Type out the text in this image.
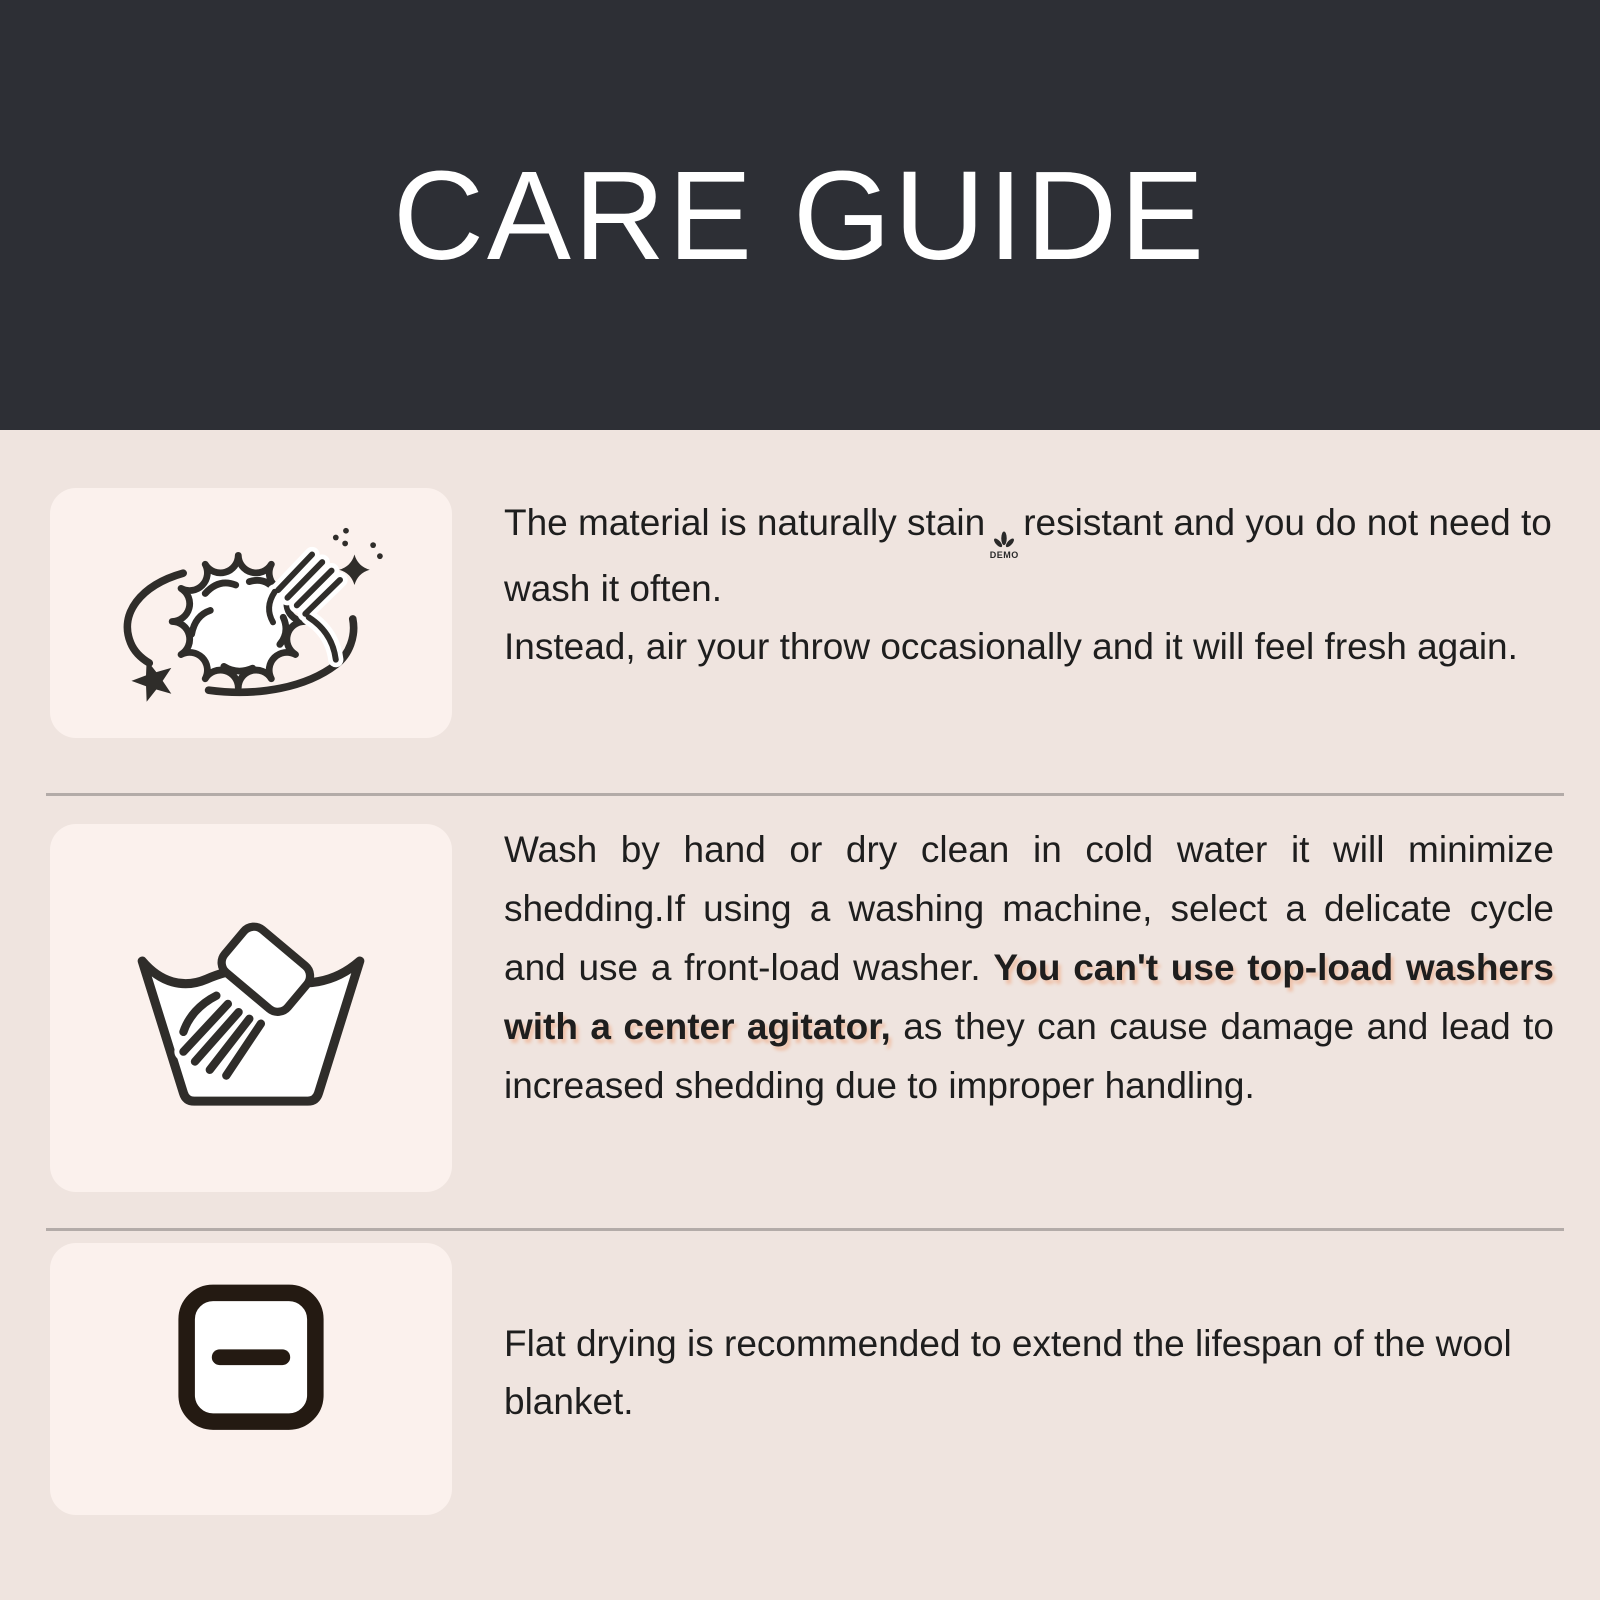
CARE GUIDE
The material is naturally stain
DEMO
resistant and you do not need to wash it often.
Instead, air your throw occasionally and it will feel fresh again.
Wash by hand or dry clean in cold water it will minimize shedding.If using a washing machine, select a delicate cycle and use a front-load washer. You can't use top-load washers with a center agitator, as they can cause damage and lead to increased shedding due to improper handling.
Flat drying is recommended to extend the lifespan of the wool blanket.
